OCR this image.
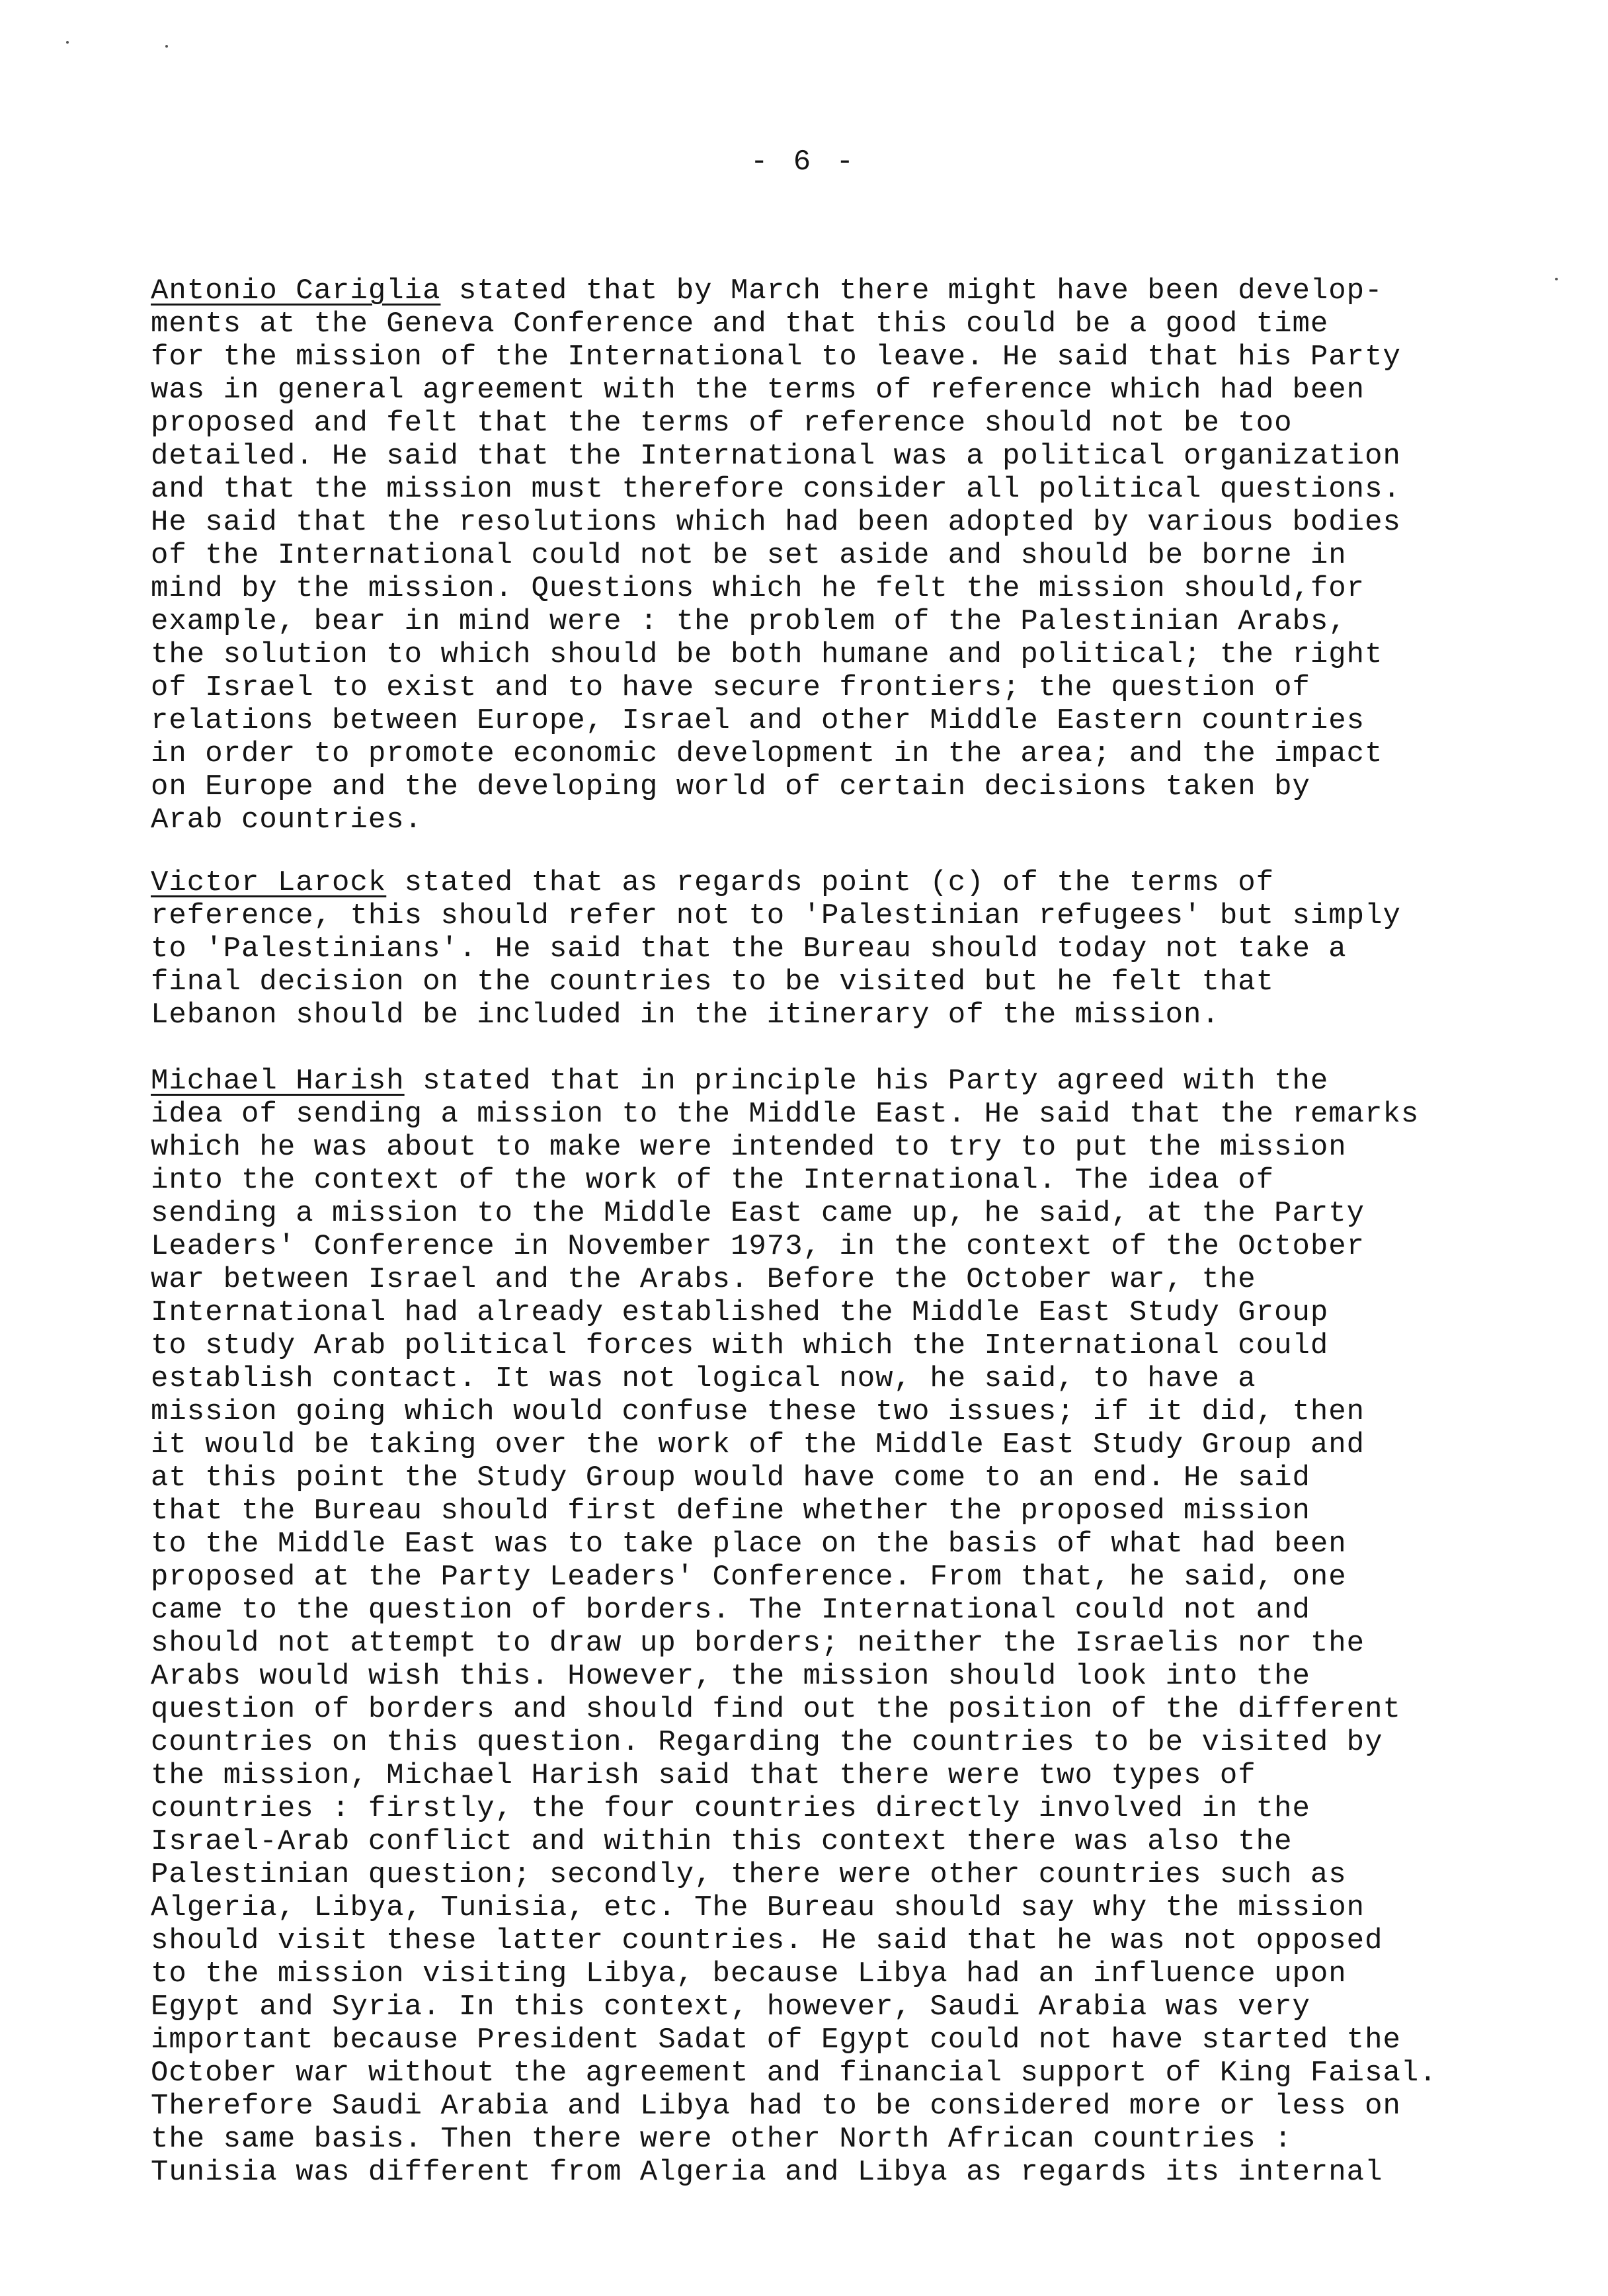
- 6 -
Antonio Cariglia stated that by March there might have been develop-
ments at the Geneva Conference and that this could be a good time
for the mission of the International to leave. He said that his Party
was in general agreement with the terms of reference which had been
proposed and felt that the terms of reference should not be too
detailed. He said that the International was a political organization
and that the mission must therefore consider all political questions.
He said that the resolutions which had been adopted by various bodies
of the International could not be set aside and should be borne in
mind by the mission. Questions which he felt the mission should,for
example, bear in mind were : the problem of the Palestinian Arabs,
the solution to which should be both humane and political; the right
of Israel to exist and to have secure frontiers; the question of
relations between Europe, Israel and other Middle Eastern countries
in order to promote economic development in the area; and the impact
on Europe and the developing world of certain decisions taken by
Arab countries.
Victor Larock stated that as regards point (c) of the terms of
reference, this should refer not to 'Palestinian refugees' but simply
to 'Palestinians'. He said that the Bureau should today not take a
final decision on the countries to be visited but he felt that
Lebanon should be included in the itinerary of the mission.
Michael Harish stated that in principle his Party agreed with the
idea of sending a mission to the Middle East. He said that the remarks
which he was about to make were intended to try to put the mission
into the context of the work of the International. The idea of
sending a mission to the Middle East came up, he said, at the Party
Leaders' Conference in November 1973, in the context of the October
war between Israel and the Arabs. Before the October war, the
International had already established the Middle East Study Group
to study Arab political forces with which the International could
establish contact. It was not logical now, he said, to have a
mission going which would confuse these two issues; if it did, then
it would be taking over the work of the Middle East Study Group and
at this point the Study Group would have come to an end. He said
that the Bureau should first define whether the proposed mission
to the Middle East was to take place on the basis of what had been
proposed at the Party Leaders' Conference. From that, he said, one
came to the question of borders. The International could not and
should not attempt to draw up borders; neither the Israelis nor the
Arabs would wish this. However, the mission should look into the
question of borders and should find out the position of the different
countries on this question. Regarding the countries to be visited by
the mission, Michael Harish said that there were two types of
countries : firstly, the four countries directly involved in the
Israel-Arab conflict and within this context there was also the
Palestinian question; secondly, there were other countries such as
Algeria, Libya, Tunisia, etc. The Bureau should say why the mission
should visit these latter countries. He said that he was not opposed
to the mission visiting Libya, because Libya had an influence upon
Egypt and Syria. In this context, however, Saudi Arabia was very
important because President Sadat of Egypt could not have started the
October war without the agreement and financial support of King Faisal.
Therefore Saudi Arabia and Libya had to be considered more or less on
the same basis. Then there were other North African countries :
Tunisia was different from Algeria and Libya as regards its internal
